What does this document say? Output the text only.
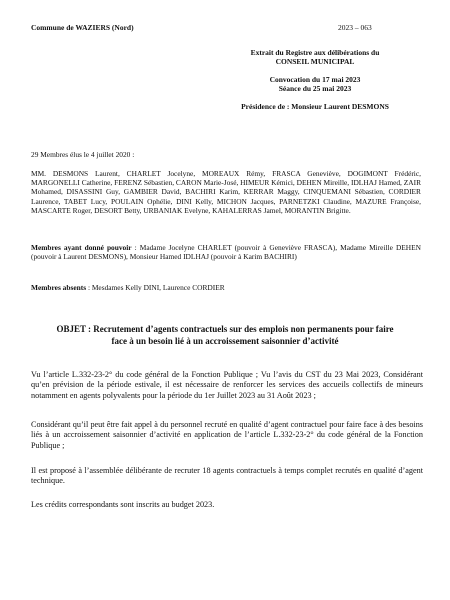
Commune de WAZIERS (Nord)	2023 – 063
Extrait du Registre aux délibérations du
CONSEIL MUNICIPAL
Convocation du 17 mai 2023
Séance du 25 mai 2023
Présidence de : Monsieur Laurent DESMONS
29 Membres élus le 4 juillet 2020 :
MM. DESMONS Laurent, CHARLET Jocelyne, MOREAUX Rémy, FRASCA Geneviève, DOGIMONT Frédéric, MARGONELLI Catherine, FERENZ Sébastien, CARON Marie-José, HIMEUR Kémici, DEHEN Mireille, IDLHAJ Hamed, ZAIR Mohamed, DISASSINI Guy, GAMBIER David, BACHIRI Karim, KERRAR Maggy, CINQUEMANI Sébastien, CORDIER Laurence, TABET Lucy, POULAIN Ophélie, DINI Kelly, MICHON Jacques, PARNETZKI Claudine, MAZURE Françoise, MASCARTE Roger, DESORT Betty, URBANIAK Evelyne, KAHALERRAS Jamel, MORANTIN Brigitte.
Membres ayant donné pouvoir : Madame Jocelyne CHARLET (pouvoir à Geneviève FRASCA), Madame Mireille DEHEN (pouvoir à Laurent DESMONS), Monsieur Hamed IDLHAJ (pouvoir à Karim BACHIRI)
Membres absents : Mesdames Kelly DINI, Laurence CORDIER
OBJET : Recrutement d’agents contractuels sur des emplois non permanents pour faire face à un besoin lié à un accroissement saisonnier d’activité
Vu l’article L.332-23-2° du code général de la Fonction Publique ; Vu l’avis du CST du 23 Mai 2023, Considérant qu’en prévision de la période estivale, il est nécessaire de renforcer les services des accueils collectifs de mineurs notamment en agents polyvalents pour la période du 1er Juillet 2023 au 31 Août 2023 ;
Considérant qu’il peut être fait appel à du personnel recruté en qualité d’agent contractuel pour faire face à des besoins liés à un accroissement saisonnier d’activité en application de l’article L.332-23-2° du code général de la Fonction Publique ;
Il est proposé à l’assemblée délibérante de recruter 18 agents contractuels à temps complet recrutés en qualité d’agent technique.
Les crédits correspondants sont inscrits au budget 2023.
